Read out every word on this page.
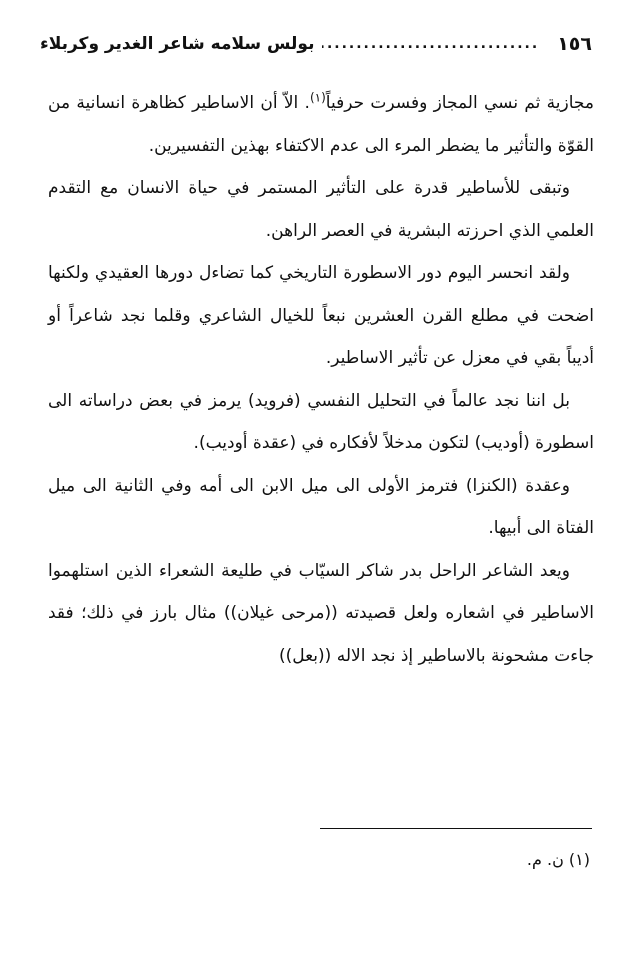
١٥٦
.....
بولس سلامه شاعر الغدير وكربلاء

مجازية ثم نسي المجاز وفسرت حرفياً$^{(١)}$. الاّ أن الاساطير كظاهرة انسانية من القوّة والتأثير ما يضطر المرء الى عدم الاكتفاء بهذين التفسيرين.

وتبقى للأساطير قدرة على التأثير المستمر في حياة الانسان مع التقدم العلمي الذي احرزته البشرية في العصر الراهن.

ولقد انحسر اليوم دور الاسطورة التاريخي كما تضاءل دورها العقيدي ولكنها اضحت في مطلع القرن العشرين نبعاً للخيال الشاعري وقلما نجد شاعراً أو أديباً بقي في معزل عن تأثير الاساطير.

بل اننا نجد عالماً في التحليل النفسي (فرويد) يرمز في بعض دراساته الى اسطورة (أوديب) لتكون مدخلاً لأفكاره في (عقدة أوديب).

وعقدة (الكنزا) فترمز الأولى الى ميل الابن الى أمه وفي الثانية الى ميل الفتاة الى أبيها.

ويعد الشاعر الراحل بدر شاكر السيّاب في طليعة الشعراء الذين استلهموا الاساطير في اشعاره ولعل قصيدته ((مرحى غيلان)) مثال بارز في ذلك؛ فقد جاءت مشحونة بالاساطير إذ نجد الاله ((بعل))

(١) ن. م.
